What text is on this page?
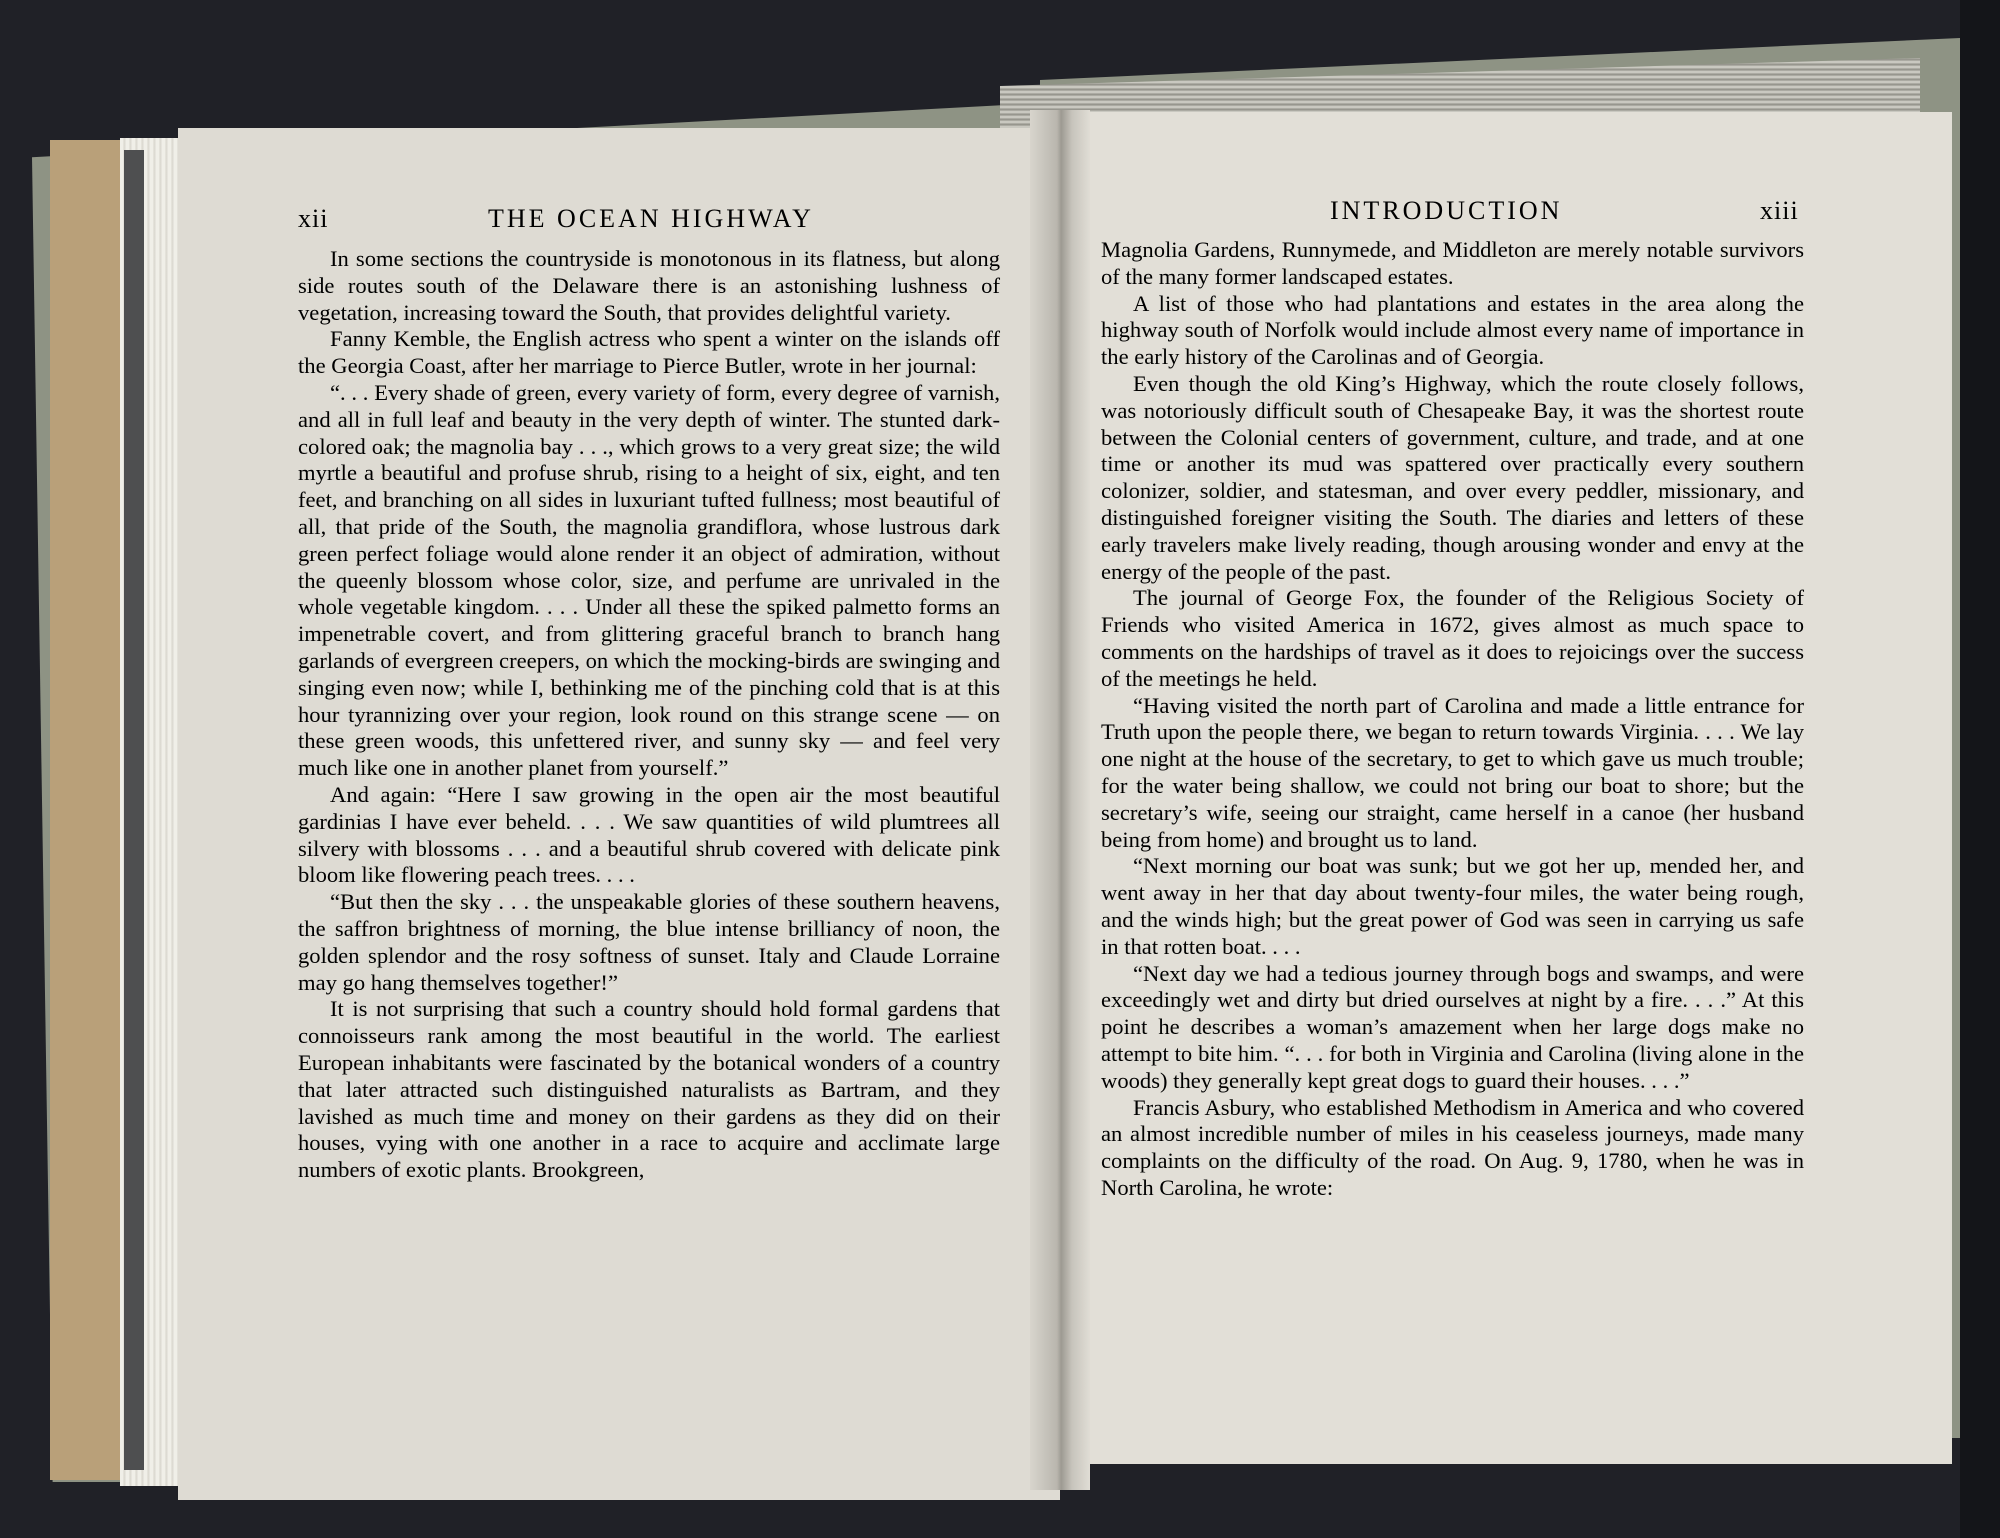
xii	THE OCEAN HIGHWAY

In some sections the countryside is monotonous in its flatness, but along side routes south of the Delaware there is an astonishing lushness of vegetation, increasing toward the South, that provides delightful variety.

Fanny Kemble, the English actress who spent a winter on the islands off the Georgia Coast, after her marriage to Pierce Butler, wrote in her journal:

“. . . Every shade of green, every variety of form, every degree of varnish, and all in full leaf and beauty in the very depth of winter. The stunted dark-colored oak; the magnolia bay . . ., which grows to a very great size; the wild myrtle a beautiful and profuse shrub, rising to a height of six, eight, and ten feet, and branching on all sides in luxuriant tufted fullness; most beautiful of all, that pride of the South, the magnolia grandiflora, whose lustrous dark green perfect foliage would alone render it an object of admiration, without the queenly blossom whose color, size, and perfume are unrivaled in the whole vegetable kingdom. . . . Under all these the spiked palmetto forms an impenetrable covert, and from glittering graceful branch to branch hang garlands of evergreen creepers, on which the mocking-birds are swinging and singing even now; while I, bethinking me of the pinching cold that is at this hour tyrannizing over your region, look round on this strange scene — on these green woods, this unfettered river, and sunny sky — and feel very much like one in another planet from yourself.”

And again: “Here I saw growing in the open air the most beautiful gardinias I have ever beheld. . . . We saw quantities of wild plumtrees all silvery with blossoms . . . and a beautiful shrub covered with delicate pink bloom like flowering peach trees. . . .

“But then the sky . . . the unspeakable glories of these southern heavens, the saffron brightness of morning, the blue intense brilliancy of noon, the golden splendor and the rosy softness of sunset. Italy and Claude Lorraine may go hang themselves together!”

It is not surprising that such a country should hold formal gardens that connoisseurs rank among the most beautiful in the world. The earliest European inhabitants were fascinated by the botanical wonders of a country that later attracted such distinguished naturalists as Bartram, and they lavished as much time and money on their gardens as they did on their houses, vying with one another in a race to acquire and acclimate large numbers of exotic plants. Brookgreen,

INTRODUCTION	xiii

Magnolia Gardens, Runnymede, and Middleton are merely notable survivors of the many former landscaped estates.

A list of those who had plantations and estates in the area along the highway south of Norfolk would include almost every name of importance in the early history of the Carolinas and of Georgia.

Even though the old King’s Highway, which the route closely follows, was notoriously difficult south of Chesapeake Bay, it was the shortest route between the Colonial centers of government, culture, and trade, and at one time or another its mud was spattered over practically every southern colonizer, soldier, and statesman, and over every peddler, missionary, and distinguished foreigner visiting the South. The diaries and letters of these early travelers make lively reading, though arousing wonder and envy at the energy of the people of the past.

The journal of George Fox, the founder of the Religious Society of Friends who visited America in 1672, gives almost as much space to comments on the hardships of travel as it does to rejoicings over the success of the meetings he held.

“Having visited the north part of Carolina and made a little entrance for Truth upon the people there, we began to return towards Virginia. . . . We lay one night at the house of the secretary, to get to which gave us much trouble; for the water being shallow, we could not bring our boat to shore; but the secretary’s wife, seeing our straight, came herself in a canoe (her husband being from home) and brought us to land.

“Next morning our boat was sunk; but we got her up, mended her, and went away in her that day about twenty-four miles, the water being rough, and the winds high; but the great power of God was seen in carrying us safe in that rotten boat. . . .

“Next day we had a tedious journey through bogs and swamps, and were exceedingly wet and dirty but dried ourselves at night by a fire. . . .” At this point he describes a woman’s amazement when her large dogs make no attempt to bite him. “. . . for both in Virginia and Carolina (living alone in the woods) they generally kept great dogs to guard their houses. . . .”

Francis Asbury, who established Methodism in America and who covered an almost incredible number of miles in his ceaseless journeys, made many complaints on the difficulty of the road. On Aug. 9, 1780, when he was in North Carolina, he wrote:
